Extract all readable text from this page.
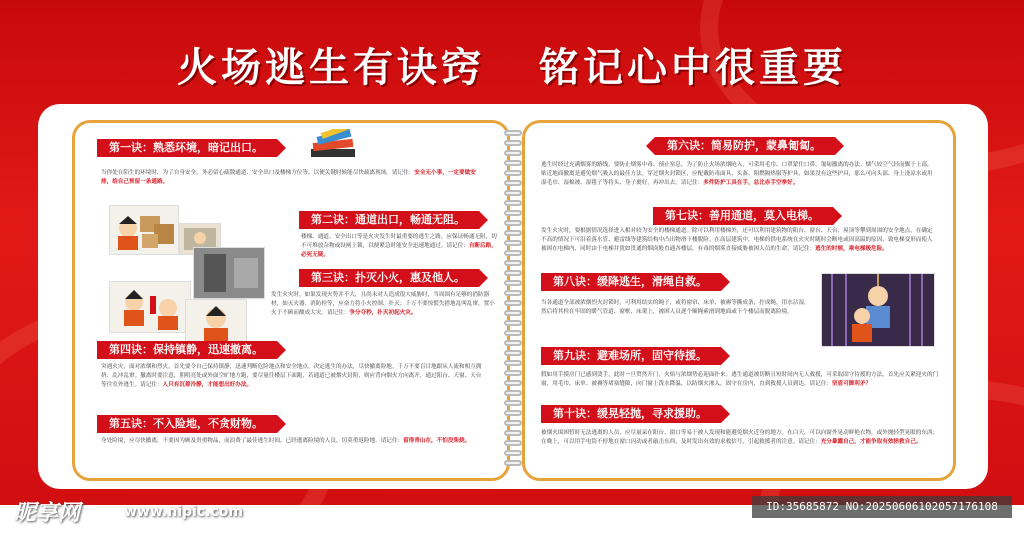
火场逃生有诀窍 铭记心中很重要
第一诀：熟悉环境，暗记出口。
当你处在陌生的环境时，为了自身安全，务必留心疏散通道、安全出口及楼梯方位等，以便关键时候能尽快疏离现场。请记住：安全无小事，一定要做安排，给自己预留一条通路。
第二诀：通道出口，畅通无阻。
楼梯、通道、安全出口等是火灾发生时最重要的逃生之路，应保证畅通无阻，切不可堆放杂物或设闸上锁，以便紧急时能安全迅速地通过。请记住：自断后路，必死无疑。
第三诀：扑灭小火，惠及他人。
发生火灾时，如果发现火势并不大，且尚未对人造成很大威胁时，当周围有足够的消防器材，如灭火器、消防栓等，应奋力将小火控制、扑灭；千万不要惊慌失措地乱叫乱窜，置小火于不顾而酿成大灾。请记住：争分夺秒，扑灭初起火灾。
第四诀：保持镇静，迅速撤离。
突遇火灾，面对浓烟和烈火，首先要令自己保持镇静，迅速判断危险地点和安全地点，决定逃生的办法，尽快撤离险地。千万不要盲目地跟从人流和相互拥挤、乱冲乱窜。撤离时要注意，朝明亮处或外面空旷地方跑，要尽量往楼层下面跑，若通道已被烟火封阻，则应背向烟火方向离开，通过阳台、天窗、天台等往室外逃生。请记住：人只有沉着冷静，才能想出好办法。
第五诀：不入险地，不贪财物。
身处险境，应尽快撤离，不要因为顾及贵重物品，而浪费了最佳逃生时间，已经逃离险境的人员，切莫重返险地。请记住：留得青山在，不怕没柴烧。
第六诀：简易防护，蒙鼻匍匐。
逃生时经过充满烟雾的路线，要防止烟雾中毒、预止窒息。为了防止火场浓烟呛入，可采用毛巾、口罩蒙住口鼻，匍匐撤离的办法。烟气较空气轻而飘于上部，贴近地面撤离是避免烟气吸入的最佳方法。穿过烟火封锁区，应配戴防毒面具、头盔、阻燃隔热服等护具，如果没有这些护具，那么可向头部、身上浇凉水或用湿毛巾、湿棉被、湿毯子等将头、身子裹好，再冲出去。请记住：多件防护工具在手，总比赤手空拳好。
第七诀：善用通道，莫入电梯。
发生火灾时，要根据情况选择进入相对较为安全的楼梯通道。除可以利用楼梯外，还可以利用建筑物的阳台、窗台、天台、屋顶等攀到周围的安全地点，在确定不高的情况下可沿着落水管、避雷线等建筑结构中凸出物滑下楼脱险。在高层建筑中，电梯的供电系统在火灾时随时会断电或因高温的原因，致电梯变形而使人被困在电梯内，同时由于电梯井犹如贯通的烟囱般直通各楼层，有毒的烟雾直接威胁被困人员的生命。请记住：逃生的时候，乘电梯极危险。
第八诀：缓降逃生，滑绳自救。
当各通道全部被浓烟烈火封锁时，可利用结实的绳子，或将窗帘、床单、被褥等撕成条，拧成绳，用水沾湿，然后将其栓在牢固的暖气管道、窗框、床架上，被困人员逐个顺绳索滑到地面或下个楼层而脱离险境。
第九诀：避难场所，固守待援。
假如用手摸房门已感到烫手，此时一旦贸然开门，火焰与浓烟势必迎面扑来。逃生通道被切断且短时间内无人救援，可采取固守待援的方法。首先应关紧迎火的门窗，用毛巾、床单、被褥等堵塞缝隙，向门窗上泼水降温，以防烟火渗入，固守在房内，直到救援人员到达。请记住：坚盾可御利矛？
第十诀：缓晃轻抛，寻求援助。
被烟火围困暂时无法逃离的人员，应尽量呆在阳台、窗口等易于被人发现和能避免烟火近身的地方。在白天，可以向窗外晃动鲜艳衣物，或外抛轻型晃眼的东西；在晚上，可以用手电筒不停地在窗口闪动或者敲击东西，及时发出有效的求救信号，引起救援者的注意。请记住：充分暴露自己，才能争取有效拯救自己。
昵享网	www.nipic.com	ID:35685872 NO:20250606102057176108
